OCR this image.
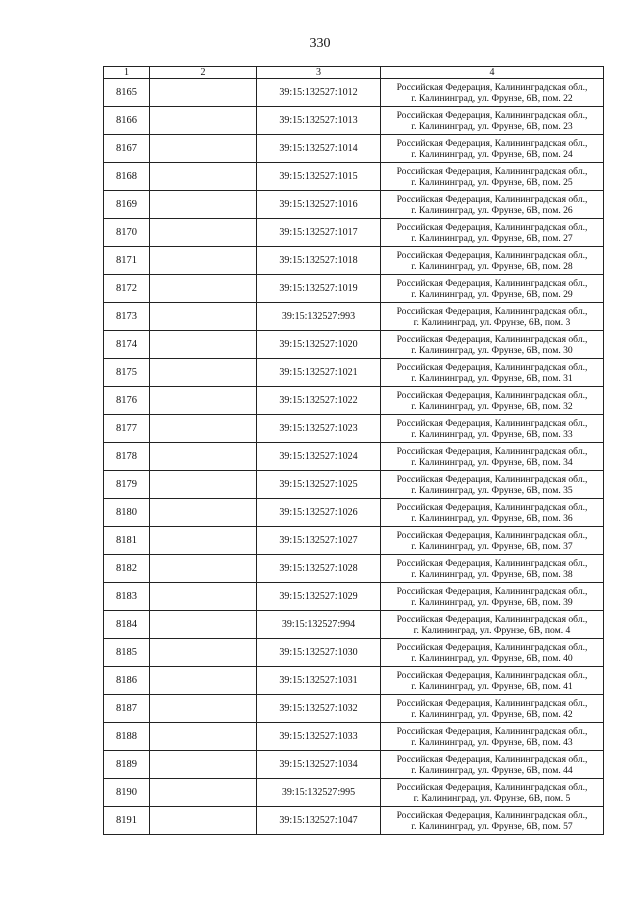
330
1	2	3	4
8165		39:15:132527:1012	Российская Федерация, Калининградская обл.,
г. Калининград, ул. Фрунзе, 6В, пом. 22

8166		39:15:132527:1013	Российская Федерация, Калининградская обл.,
г. Калининград, ул. Фрунзе, 6В, пом. 23

8167		39:15:132527:1014	Российская Федерация, Калининградская обл.,
г. Калининград, ул. Фрунзе, 6В, пом. 24

8168		39:15:132527:1015	Российская Федерация, Калининградская обл.,
г. Калининград, ул. Фрунзе, 6В, пом. 25

8169		39:15:132527:1016	Российская Федерация, Калининградская обл.,
г. Калининград, ул. Фрунзе, 6В, пом. 26

8170		39:15:132527:1017	Российская Федерация, Калининградская обл.,
г. Калининград, ул. Фрунзе, 6В, пом. 27

8171		39:15:132527:1018	Российская Федерация, Калининградская обл.,
г. Калининград, ул. Фрунзе, 6В, пом. 28

8172		39:15:132527:1019	Российская Федерация, Калининградская обл.,
г. Калининград, ул. Фрунзе, 6В, пом. 29

8173		39:15:132527:993	Российская Федерация, Калининградская обл.,
г. Калининград, ул. Фрунзе, 6В, пом. 3

8174		39:15:132527:1020	Российская Федерация, Калининградская обл.,
г. Калининград, ул. Фрунзе, 6В, пом. 30

8175		39:15:132527:1021	Российская Федерация, Калининградская обл.,
г. Калининград, ул. Фрунзе, 6В, пом. 31

8176		39:15:132527:1022	Российская Федерация, Калининградская обл.,
г. Калининград, ул. Фрунзе, 6В, пом. 32

8177		39:15:132527:1023	Российская Федерация, Калининградская обл.,
г. Калининград, ул. Фрунзе, 6В, пом. 33

8178		39:15:132527:1024	Российская Федерация, Калининградская обл.,
г. Калининград, ул. Фрунзе, 6В, пом. 34

8179		39:15:132527:1025	Российская Федерация, Калининградская обл.,
г. Калининград, ул. Фрунзе, 6В, пом. 35

8180		39:15:132527:1026	Российская Федерация, Калининградская обл.,
г. Калининград, ул. Фрунзе, 6В, пом. 36

8181		39:15:132527:1027	Российская Федерация, Калининградская обл.,
г. Калининград, ул. Фрунзе, 6В, пом. 37

8182		39:15:132527:1028	Российская Федерация, Калининградская обл.,
г. Калининград, ул. Фрунзе, 6В, пом. 38

8183		39:15:132527:1029	Российская Федерация, Калининградская обл.,
г. Калининград, ул. Фрунзе, 6В, пом. 39

8184		39:15:132527:994	Российская Федерация, Калининградская обл.,
г. Калининград, ул. Фрунзе, 6В, пом. 4

8185		39:15:132527:1030	Российская Федерация, Калининградская обл.,
г. Калининград, ул. Фрунзе, 6В, пом. 40

8186		39:15:132527:1031	Российская Федерация, Калининградская обл.,
г. Калининград, ул. Фрунзе, 6В, пом. 41

8187		39:15:132527:1032	Российская Федерация, Калининградская обл.,
г. Калининград, ул. Фрунзе, 6В, пом. 42

8188		39:15:132527:1033	Российская Федерация, Калининградская обл.,
г. Калининград, ул. Фрунзе, 6В, пом. 43

8189		39:15:132527:1034	Российская Федерация, Калининградская обл.,
г. Калининград, ул. Фрунзе, 6В, пом. 44

8190		39:15:132527:995	Российская Федерация, Калининградская обл.,
г. Калининград, ул. Фрунзе, 6В, пом. 5

8191		39:15:132527:1047	Российская Федерация, Калининградская обл.,
г. Калининград, ул. Фрунзе, 6В, пом. 57
